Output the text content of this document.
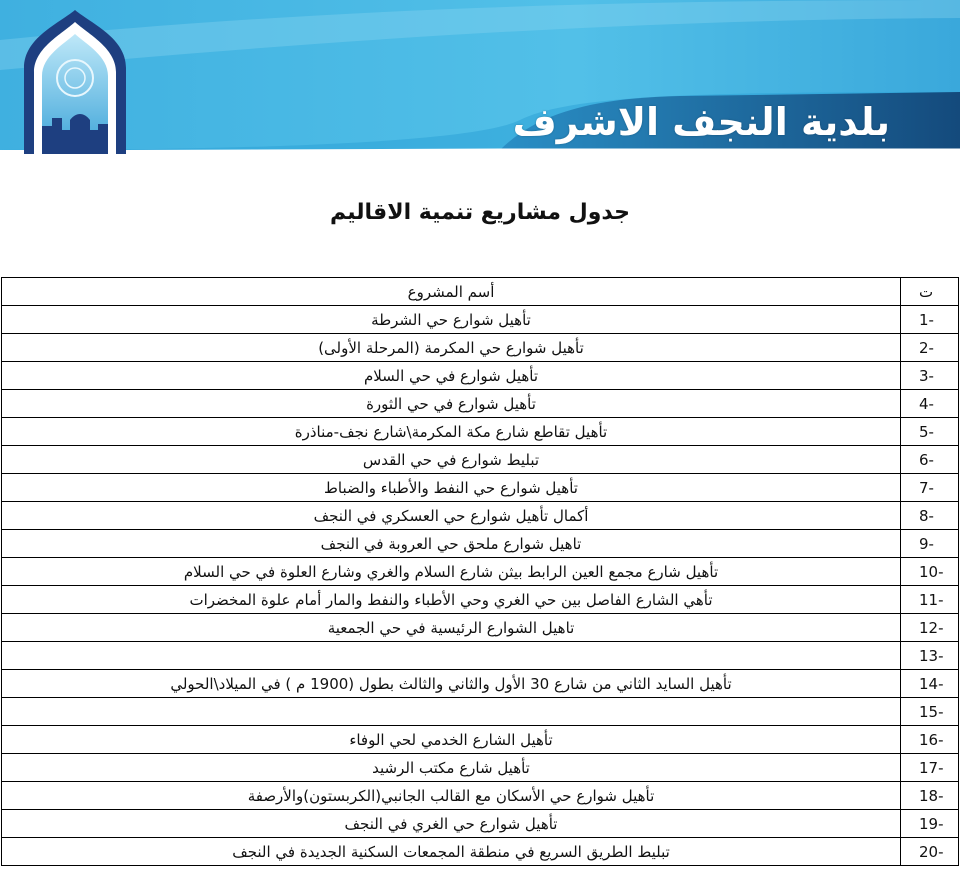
بلدية النجف الاشرف
جدول مشاريع تنمية الاقاليم
ت	أسم المشروع
1-	تأهيل شوارع حي الشرطة
2-	تأهيل شوارع حي المكرمة (المرحلة الأولى)
3-	تأهيل شوارع في حي السلام
4-	تأهيل شوارع في حي الثورة
5-	تأهيل تقاطع شارع مكة المكرمة\شارع نجف-مناذرة
6-	تبليط شوارع في حي القدس
7-	تأهيل شوارع حي النفط والأطباء والضباط
8-	أكمال تأهيل شوارع حي العسكري في النجف
9-	تاهيل شوارع ملحق حي العروبة في النجف
10-	تأهيل شارع مجمع العين الرابط بيثن شارع السلام والغري وشارع العلوة في حي السلام
11-	تأهي الشارع الفاصل بين حي الغري وحي الأطباء والنفط والمار أمام علوة المخضرات
12-	تاهيل الشوارع الرئيسية في حي الجمعية
13-	
14-	تأهيل السايد الثاني من شارع 30 الأول والثاني والثالث بطول (1900 م ) في الميلاد\الحولي
15-	
16-	تأهيل الشارع الخدمي لحي الوفاء
17-	تأهيل شارع مكتب الرشيد
18-	تأهيل شوارع حي الأسكان مع القالب الجانبي(الكربستون)والأرصفة
19-	تأهيل شوارع حي الغري في النجف
20-	تبليط الطريق السريع في منطقة المجمعات السكنية الجديدة في النجف
